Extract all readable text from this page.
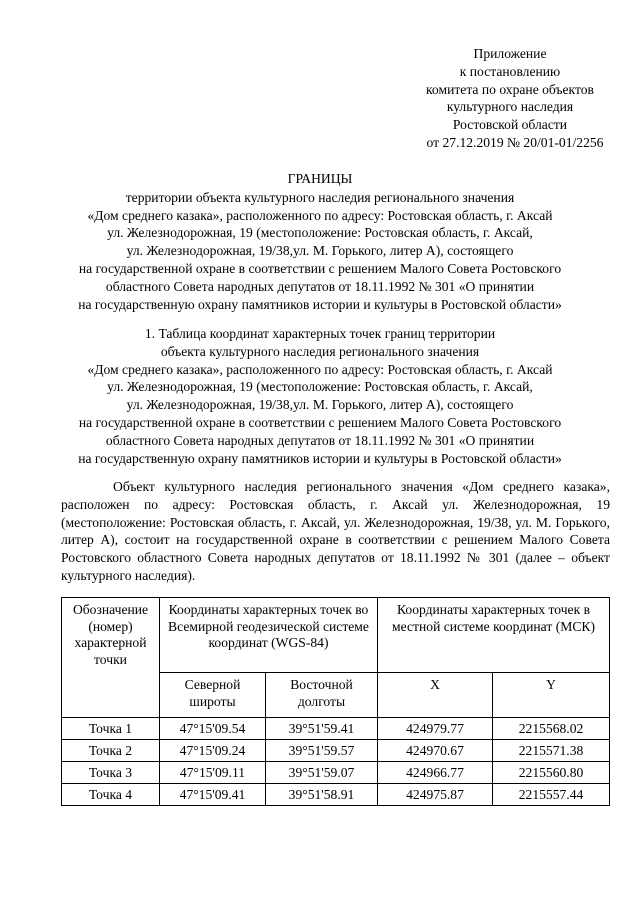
Приложение
к постановлению
комитета по охране объектов
культурного наследия
Ростовской области
от 27.12.2019 № 20/01-01/2256
ГРАНИЦЫ
территории объекта культурного наследия регионального значения
«Дом среднего казака», расположенного по адресу: Ростовская область, г. Аксай
ул. Железнодорожная, 19 (местоположение: Ростовская область, г. Аксай,
ул. Железнодорожная, 19/38,ул. М. Горького, литер А), состоящего
на государственной охране в соответствии с решением Малого Совета Ростовского
областного Совета народных депутатов от 18.11.1992 № 301 «О принятии
на государственную охрану памятников истории и культуры в Ростовской области»
1. Таблица координат характерных точек границ территории
объекта культурного наследия регионального значения
«Дом среднего казака», расположенного по адресу: Ростовская область, г. Аксай
ул. Железнодорожная, 19 (местоположение: Ростовская область, г. Аксай,
ул. Железнодорожная, 19/38,ул. М. Горького, литер А), состоящего
на государственной охране в соответствии с решением Малого Совета Ростовского
областного Совета народных депутатов от 18.11.1992 № 301 «О принятии
на государственную охрану памятников истории и культуры в Ростовской области»
Объект культурного наследия регионального значения «Дом среднего казака», расположен по адресу: Ростовская область, г. Аксай ул. Железнодорожная, 19 (местоположение: Ростовская область, г. Аксай, ул. Железнодорожная, 19/38, ул. М. Горького, литер А), состоит на государственной охране в соответствии с решением Малого Совета Ростовского областного Совета народных депутатов от 18.11.1992 № 301 (далее – объект культурного наследия).
Обозначение (номер) характерной точки	Координаты характерных точек во Всемирной геодезической системе координат (WGS-84)		Координаты характерных точек в местной системе координат (МСК)	
	Северной широты	Восточной долготы	X	Y
Точка 1	47°15'09.54	39°51'59.41	424979.77	2215568.02
Точка 2	47°15'09.24	39°51'59.57	424970.67	2215571.38
Точка 3	47°15'09.11	39°51'59.07	424966.77	2215560.80
Точка 4	47°15'09.41	39°51'58.91	424975.87	2215557.44
